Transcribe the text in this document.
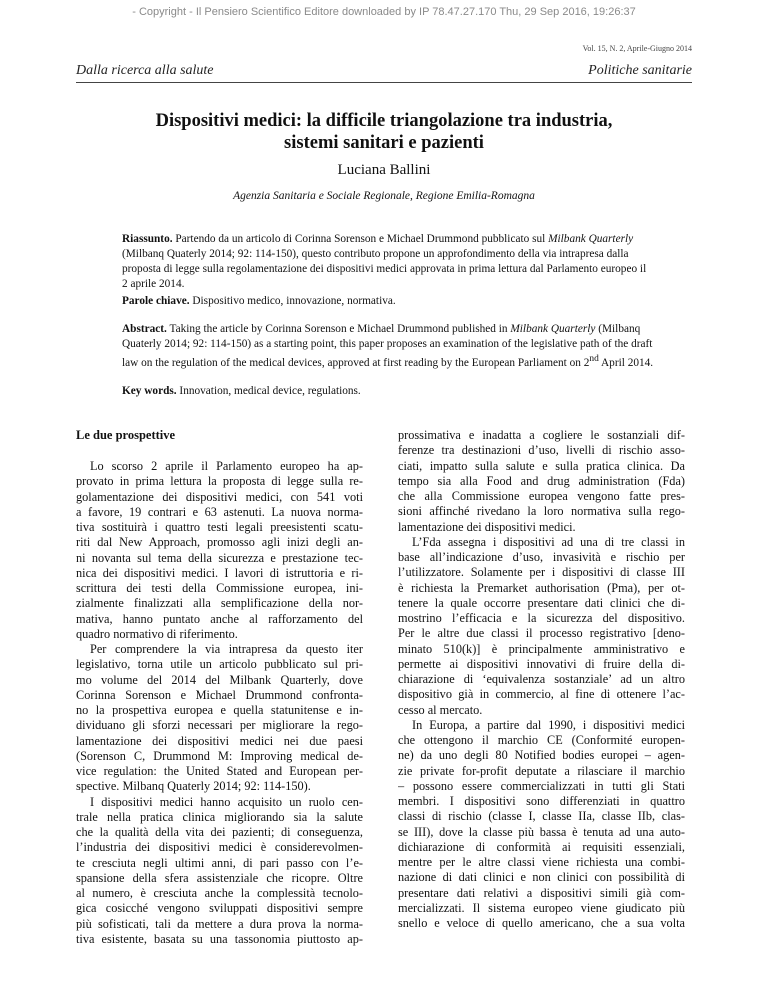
- Copyright - Il Pensiero Scientifico Editore downloaded by IP 78.47.27.170 Thu, 29 Sep 2016, 19:26:37
Vol. 15, N. 2, Aprile-Giugno 2014
Dalla ricerca alla salute	Politiche sanitarie
Dispositivi medici: la difficile triangolazione tra industria,
sistemi sanitari e pazienti
Luciana Ballini
Agenzia Sanitaria e Sociale Regionale, Regione Emilia-Romagna

Riassunto. Partendo da un articolo di Corinna Sorenson e Michael Drummond pubblicato sul Milbank Quarterly (Milbanq Quaterly 2014; 92: 114-150), questo contributo propone un approfondimento della via intrapresa dalla proposta di legge sulla regolamentazione dei dispositivi medici approvata in prima lettura dal Parlamento europeo il 2 aprile 2014.

Parole chiave. Dispositivo medico, innovazione, normativa.

Abstract. Taking the article by Corinna Sorenson e Michael Drummond published in Milbank Quarterly (Milbanq Quaterly 2014; 92: 114-150) as a starting point, this paper proposes an examination of the legislative path of the draft law on the regulation of the medical devices, approved at first reading by the European Parliament on 2nd April 2014.

Key words. Innovation, medical device, regulations.

Le due prospettive
Lo scorso 2 aprile il Parlamento europeo ha ap-
provato in prima lettura la proposta di legge sulla re-
golamentazione dei dispositivi medici, con 541 voti
a favore, 19 contrari e 63 astenuti. La nuova norma-
tiva sostituirà i quattro testi legali preesistenti scatu-
riti dal New Approach, promosso agli inizi degli an-
ni novanta sul tema della sicurezza e prestazione tec-
nica dei dispositivi medici. I lavori di istruttoria e ri-
scrittura dei testi della Commissione europea, ini-
zialmente finalizzati alla semplificazione della nor-
mativa, hanno puntato anche al rafforzamento del
quadro normativo di riferimento.
Per comprendere la via intrapresa da questo iter
legislativo, torna utile un articolo pubblicato sul pri-
mo volume del 2014 del Milbank Quarterly, dove
Corinna Sorenson e Michael Drummond confronta-
no la prospettiva europea e quella statunitense e in-
dividuano gli sforzi necessari per migliorare la rego-
lamentazione dei dispositivi medici nei due paesi
(Sorenson C, Drummond M: Improving medical de-
vice regulation: the United Stated and European per-
spective. Milbanq Quaterly 2014; 92: 114-150).
I dispositivi medici hanno acquisito un ruolo cen-
trale nella pratica clinica migliorando sia la salute
che la qualità della vita dei pazienti; di conseguenza,
l’industria dei dispositivi medici è considerevolmen-
te cresciuta negli ultimi anni, di pari passo con l’e-
spansione della sfera assistenziale che ricopre. Oltre
al numero, è cresciuta anche la complessità tecnolo-
gica cosicché vengono sviluppati dispositivi sempre
più sofisticati, tali da mettere a dura prova la norma-
tiva esistente, basata su una tassonomia piuttosto ap-
prossimativa e inadatta a cogliere le sostanziali dif-
ferenze tra destinazioni d’uso, livelli di rischio asso-
ciati, impatto sulla salute e sulla pratica clinica. Da
tempo sia alla Food and drug administration (Fda)
che alla Commissione europea vengono fatte pres-
sioni affinché rivedano la loro normativa sulla rego-
lamentazione dei dispositivi medici.
L’Fda assegna i dispositivi ad una di tre classi in
base all’indicazione d’uso, invasività e rischio per
l’utilizzatore. Solamente per i dispositivi di classe III
è richiesta la Premarket authorisation (Pma), per ot-
tenere la quale occorre presentare dati clinici che di-
mostrino l’efficacia e la sicurezza del dispositivo.
Per le altre due classi il processo registrativo [deno-
minato 510(k)] è principalmente amministrativo e
permette ai dispositivi innovativi di fruire della di-
chiarazione di ‘equivalenza sostanziale’ ad un altro
dispositivo già in commercio, al fine di ottenere l’ac-
cesso al mercato.
In Europa, a partire dal 1990, i dispositivi medici
che ottengono il marchio CE (Conformité europen-
ne) da uno degli 80 Notified bodies europei – agen-
zie private for-profit deputate a rilasciare il marchio
– possono essere commercializzati in tutti gli Stati
membri. I dispositivi sono differenziati in quattro
classi di rischio (classe I, classe IIa, classe IIb, clas-
se III), dove la classe più bassa è tenuta ad una auto-
dichiarazione di conformità ai requisiti essenziali,
mentre per le altre classi viene richiesta una combi-
nazione di dati clinici e non clinici con possibilità di
presentare dati relativi a dispositivi simili già com-
mercializzati. Il sistema europeo viene giudicato più
snello e veloce di quello americano, che a sua volta
